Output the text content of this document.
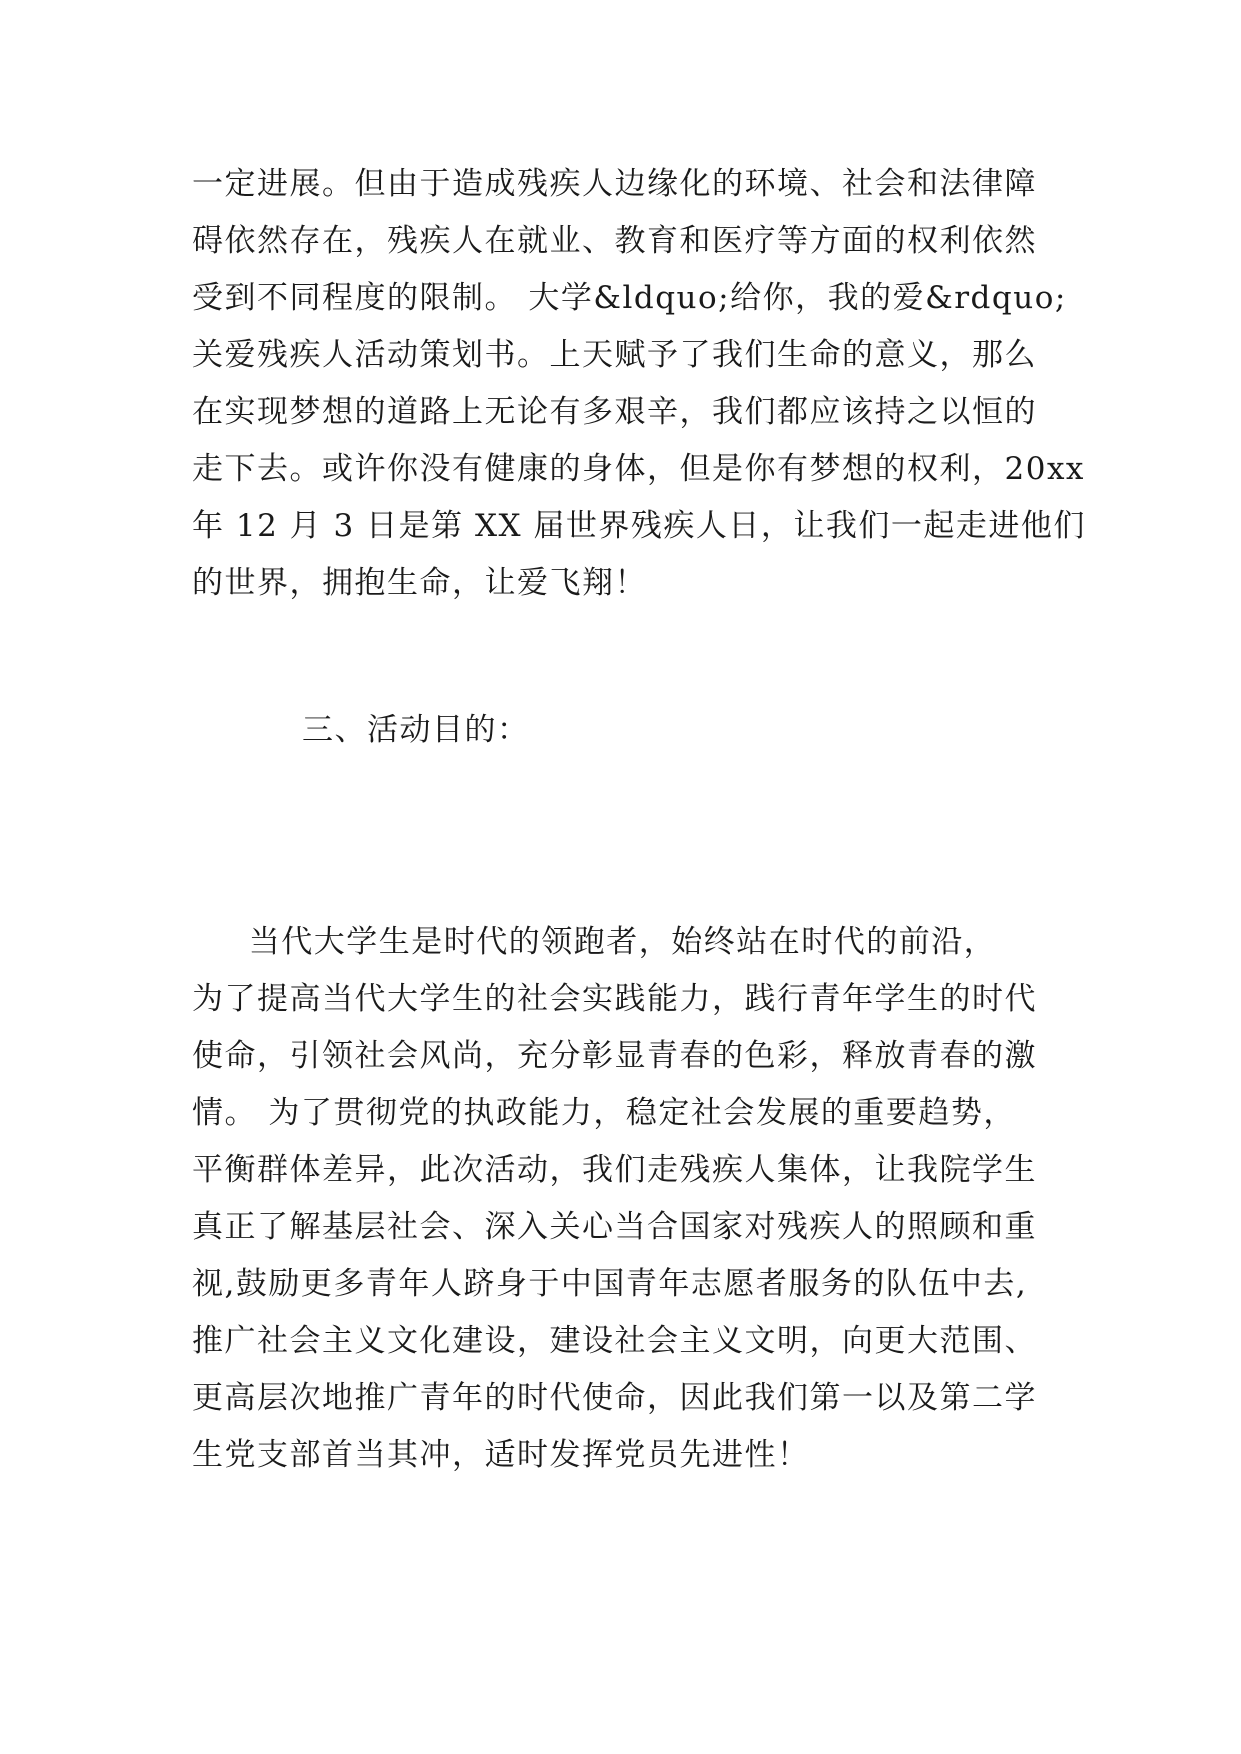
一定进展。但由于造成残疾人边缘化的环境、社会和法律障
碍依然存在，残疾人在就业、教育和医疗等方面的权利依然
受到不同程度的限制。 大学&ldquo;给你，我的爱&rdquo;
关爱残疾人活动策划书。上天赋予了我们生命的意义，那么
在实现梦想的道路上无论有多艰辛，我们都应该持之以恒的
走下去。或许你没有健康的身体，但是你有梦想的权利，20xx
年 12 月 3 日是第 XX 届世界残疾人日，让我们一起走进他们
的世界，拥抱生命，让爱飞翔！
三、活动目的：
当代大学生是时代的领跑者，始终站在时代的前沿，
为了提高当代大学生的社会实践能力，践行青年学生的时代
使命，引领社会风尚，充分彰显青春的色彩，释放青春的激
情。 为了贯彻党的执政能力，稳定社会发展的重要趋势，
平衡群体差异，此次活动，我们走残疾人集体，让我院学生
真正了解基层社会、深入关心当合国家对残疾人的照顾和重
视,鼓励更多青年人跻身于中国青年志愿者服务的队伍中去,
推广社会主义文化建设，建设社会主义文明，向更大范围、
更高层次地推广青年的时代使命，因此我们第一以及第二学
生党支部首当其冲，适时发挥党员先进性！
